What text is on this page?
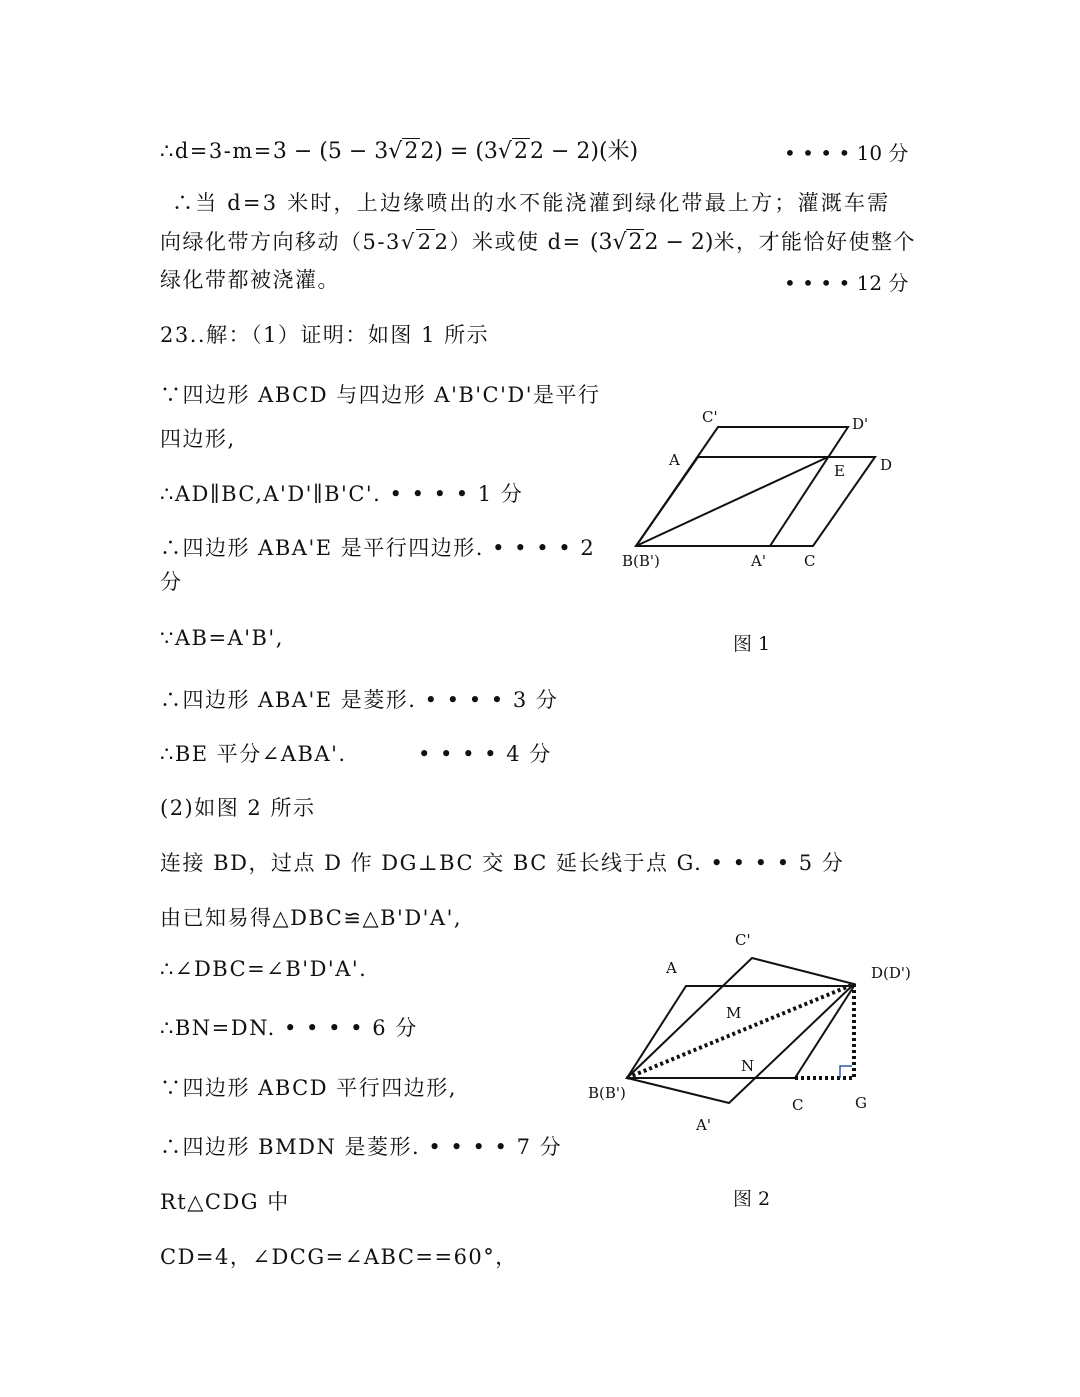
∴d=3-m=3 − (5 − 3√22) = (3√22 − 2)(米)	• • • • 10 分
∴当 d=3 米时，上边缘喷出的水不能浇灌到绿化带最上方；灌溉车需
向绿化带方向移动（5-3√22）米或使 d= (3√22 − 2)米，才能恰好使整个
绿化带都被浇灌。	• • • • 12 分
23..解：（1）证明：如图 1 所示
∵四边形 ABCD 与四边形 A'B'C'D'是平行
四边形,
∴AD∥BC,A'D'∥B'C'. • • • • 1 分
∴四边形 ABA'E 是平行四边形. • • • • 2
分
∵AB=A'B',
∴四边形 ABA'E 是菱形. • • • • 3 分
∴BE 平分∠ABA'.	• • • • 4 分
(2)如图 2 所示
连接 BD，过点 D 作 DG⊥BC 交 BC 延长线于点 G. • • • • 5 分
由已知易得△DBC≌△B'D'A',
∴∠DBC=∠B'D'A'.
∴BN=DN. • • • • 6 分
∵四边形 ABCD 平行四边形,
∴四边形 BMDN 是菱形. • • • • 7 分
Rt△CDG 中
CD=4，∠DCG=∠ABC==60°，
C'	D'
A
E D
B(B')	A'	C
C'
A	D(D')
M
N
B(B')
C	G
A'
图 1
图 2
